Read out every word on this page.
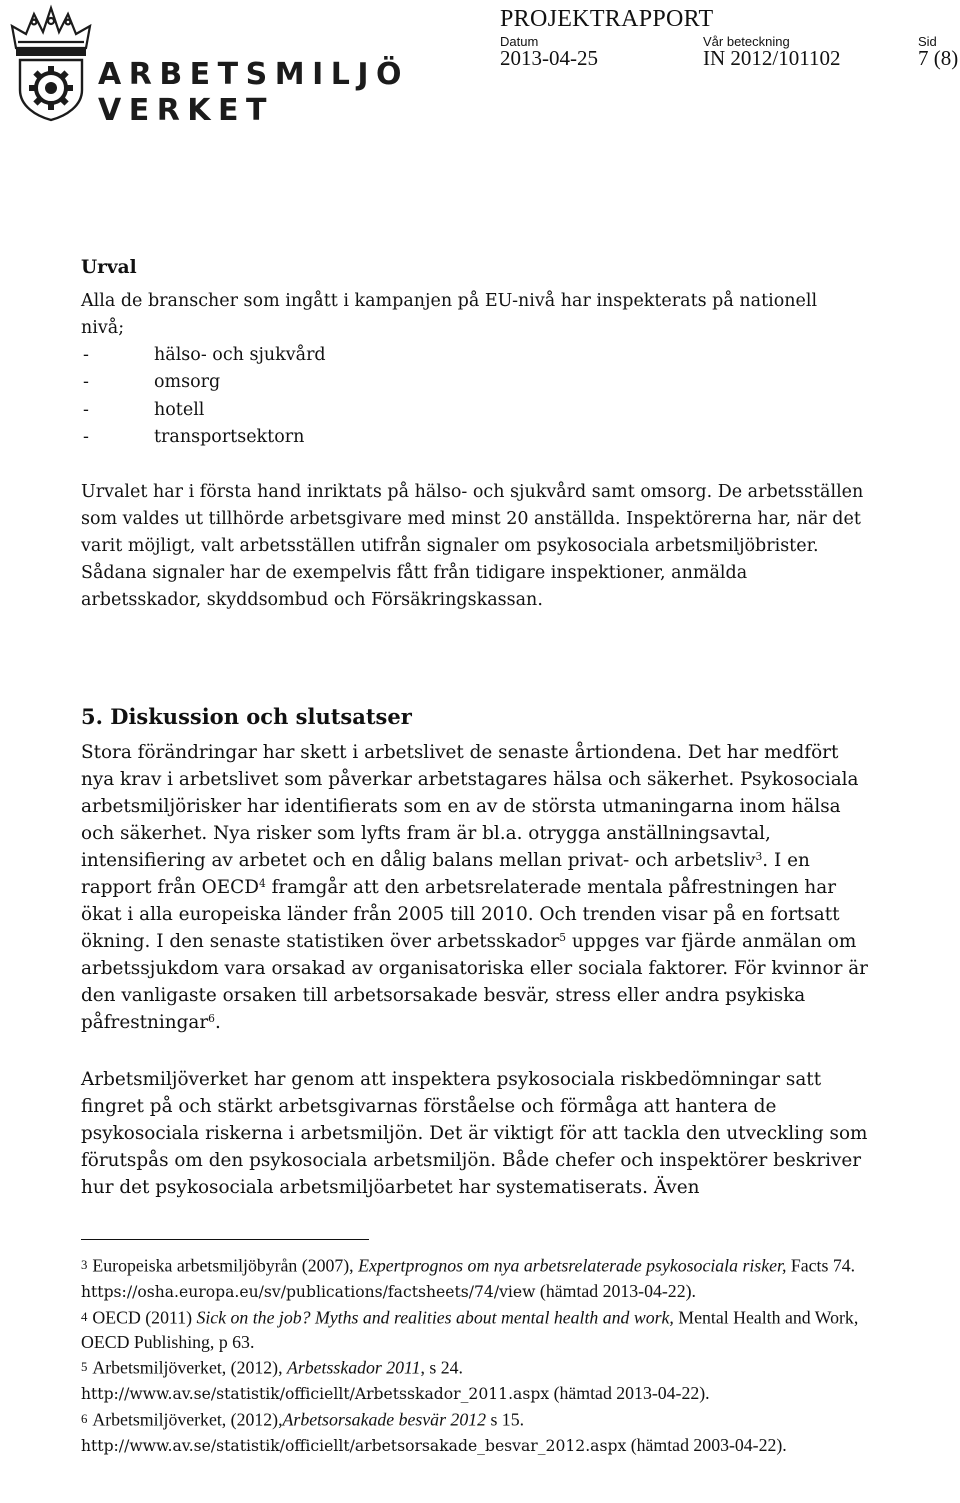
ARBETSMILJÖ
VERKET
PROJEKTRAPPORT
Datum	Vår beteckning	Sid
2013-04-25	IN 2012/101102	7 (8)
Urval
Alla de branscher som ingått i kampanjen på EU-nivå har inspekterats på nationell nivå;
-	hälso- och sjukvård
-	omsorg
-	hotell
-	transportsektorn
Urvalet har i första hand inriktats på hälso- och sjukvård samt omsorg. De arbetsställen som valdes ut tillhörde arbetsgivare med minst 20 anställda. Inspektörerna har, när det varit möjligt, valt arbetsställen utifrån signaler om psykosociala arbetsmiljöbrister. Sådana signaler har de exempelvis fått från tidigare inspektioner, anmälda arbetsskador, skyddsombud och Försäkringskassan.
5. Diskussion och slutsatser
Stora förändringar har skett i arbetslivet de senaste årtiondena. Det har medfört nya krav i arbetslivet som påverkar arbetstagares hälsa och säkerhet. Psykosociala arbetsmiljörisker har identifierats som en av de största utmaningarna inom hälsa och säkerhet. Nya risker som lyfts fram är bl.a. otrygga anställningsavtal, intensifiering av arbetet och en dålig balans mellan privat- och arbetsliv$^3$. I en rapport från OECD$^4$ framgår att den arbetsrelaterade mentala påfrestningen har ökat i alla europeiska länder från 2005 till 2010. Och trenden visar på en fortsatt ökning. I den senaste statistiken över arbetsskador$^5$ uppges var fjärde anmälan om arbetssjukdom vara orsakad av organisatoriska eller sociala faktorer. För kvinnor är den vanligaste orsaken till arbetsorsakade besvär, stress eller andra psykiska påfrestningar$^6$.
Arbetsmiljöverket har genom att inspektera psykosociala riskbedömningar satt fingret på och stärkt arbetsgivarnas förståelse och förmåga att hantera de psykosociala riskerna i arbetsmiljön. Det är viktigt för att tackla den utveckling som förutspås om den psykosociala arbetsmiljön. Både chefer och inspektörer beskriver hur det psykosociala arbetsmiljöarbetet har systematiserats. Även

3 Europeiska arbetsmiljöbyrån (2007), Expertprognos om nya arbetsrelaterade psykosociala risker, Facts 74. https://osha.europa.eu/sv/publications/factsheets/74/view (hämtad 2013-04-22).

4 OECD (2011) Sick on the job? Myths and realities about mental health and work, Mental Health and Work, OECD Publishing, p 63.

5 Arbetsmiljöverket, (2012), Arbetsskador 2011, s 24.

http://www.av.se/statistik/officiellt/Arbetsskador_2011.aspx (hämtad 2013-04-22).

6 Arbetsmiljöverket, (2012),Arbetsorsakade besvär 2012 s 15.

http://www.av.se/statistik/officiellt/arbetsorsakade_besvar_2012.aspx (hämtad 2003-04-22).
